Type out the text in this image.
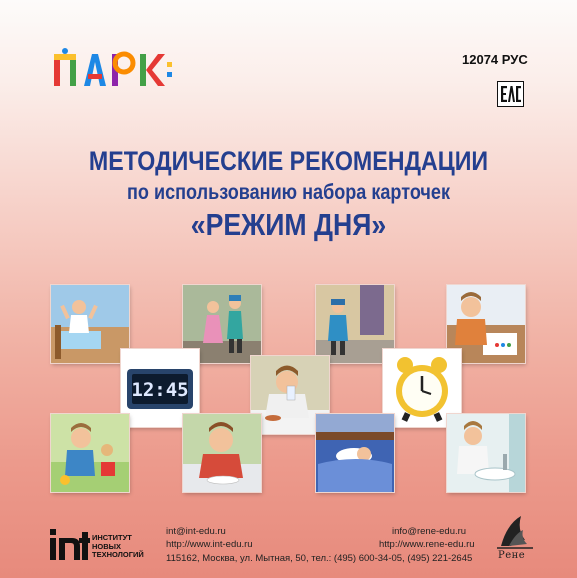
12074 РУС
МЕТОДИЧЕСКИЕ РЕКОМЕНДАЦИИ
по использованию набора карточек
«РЕЖИМ ДНЯ»
12:45
ИНСТИТУТ
НОВЫХ
ТЕХНОЛОГИЙ
int@int-edu.ru
http://www.int-edu.ru
115162, Москва, ул. Мытная, 50, тел.: (495) 600-34-05, (495) 221-2645
info@rene-edu.ru
http://www.rene-edu.ru
Рене
